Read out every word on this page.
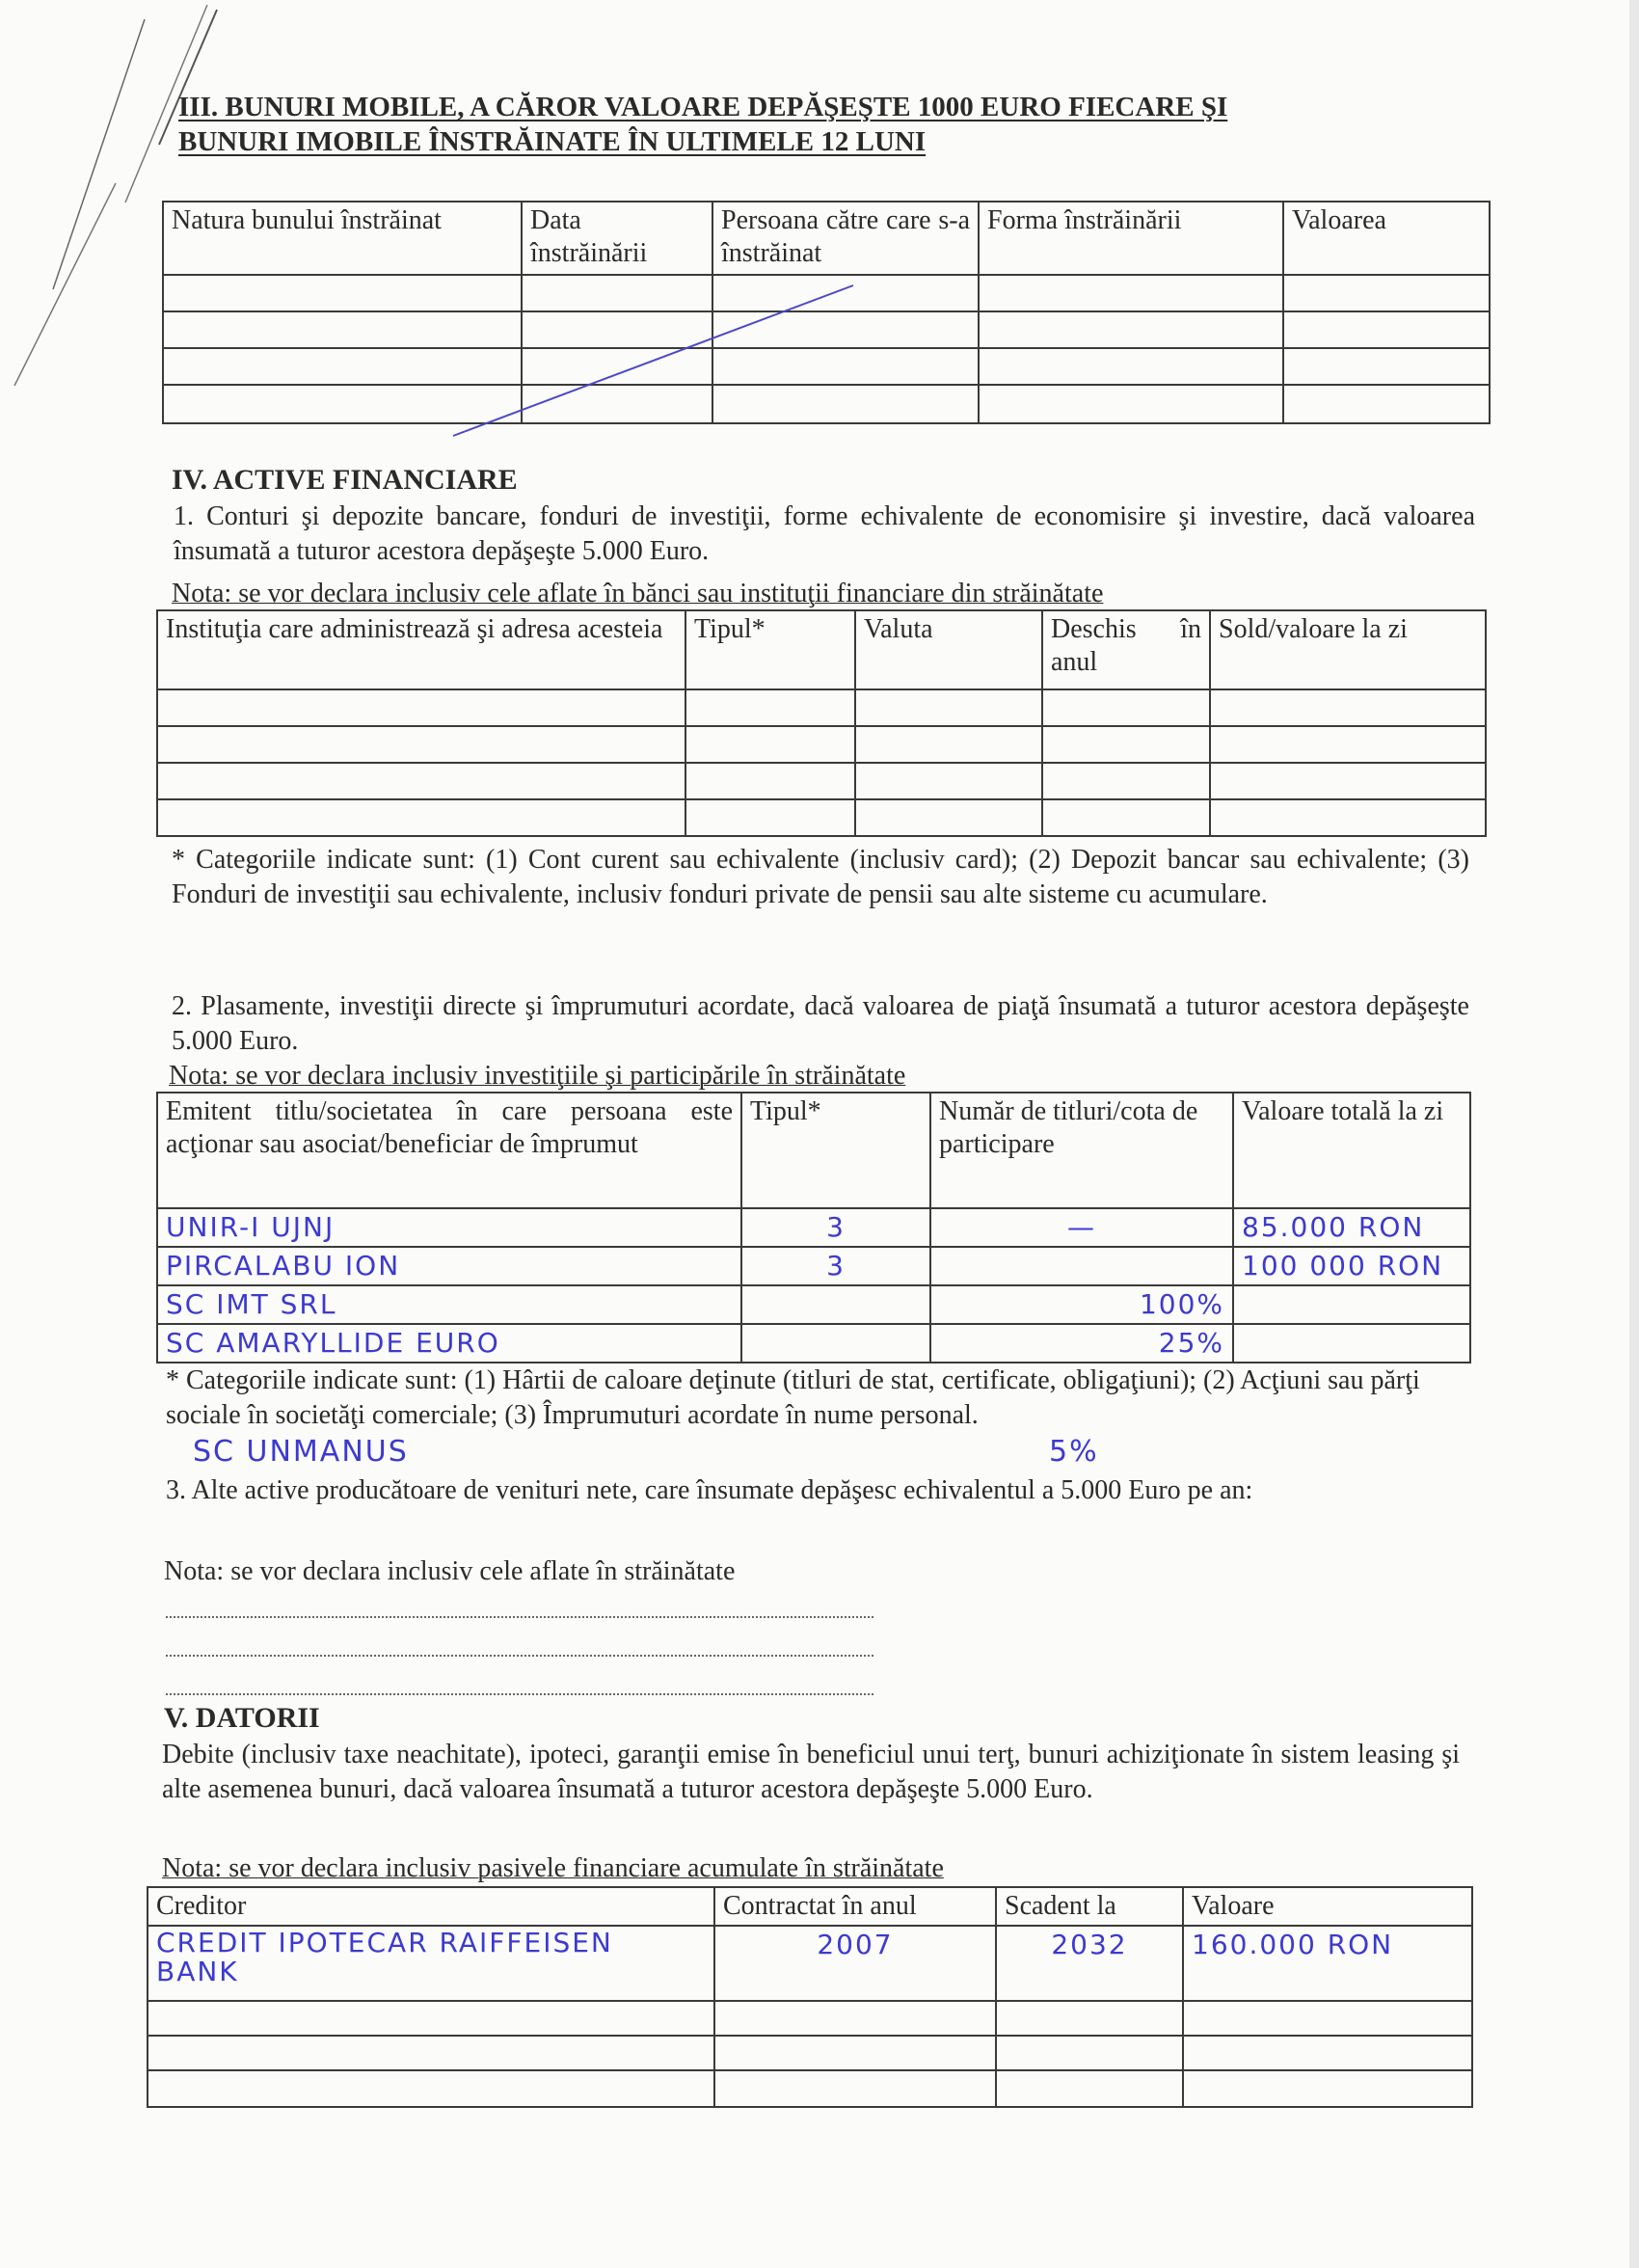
III. BUNURI MOBILE, A CĂROR VALOARE DEPĂŞEŞTE 1000 EURO FIECARE ŞI
BUNURI IMOBILE ÎNSTRĂINATE ÎN ULTIMELE 12 LUNI
Natura bunului înstrăinat	Data înstrăinării	Persoana către care s-a înstrăinat	Forma înstrăinării	Valoarea

IV. ACTIVE FINANCIARE
1. Conturi şi depozite bancare, fonduri de investiţii, forme echivalente de economisire şi investire, dacă valoarea însumată a tuturor acestora depăşeşte 5.000 Euro.
Nota: se vor declara inclusiv cele aflate în bănci sau instituţii financiare din străinătate
Instituţia care administrează şi adresa acesteia	Tipul*	Valuta	Deschis în anul	Sold/valoare la zi

* Categoriile indicate sunt: (1) Cont curent sau echivalente (inclusiv card); (2) Depozit bancar sau echivalente; (3) Fonduri de investiţii sau echivalente, inclusiv fonduri private de pensii sau alte sisteme cu acumulare.
2. Plasamente, investiţii directe şi împrumuturi acordate, dacă valoarea de piaţă însumată a tuturor acestora depăşeşte 5.000 Euro.
Nota: se vor declara inclusiv investiţiile şi participările în străinătate
Emitent titlu/societatea în care persoana este acţionar sau asociat/beneficiar de împrumut	Tipul*	Număr de titluri/cota de participare	Valoare totală la zi
UNIR-I UJNJ	3	—	85.000 RON
PIRCALABU ION	3		100 000 RON
SC IMT SRL		100%	
SC AMARYLLIDE EURO		25%	
* Categoriile indicate sunt: (1) Hârtii de caloare deţinute (titluri de stat, certificate, obligaţiuni); (2) Acţiuni sau părţi sociale în societăţi comerciale; (3) Împrumuturi acordate în nume personal.
SC UNMANUS	5%
3. Alte active producătoare de venituri nete, care însumate depăşesc echivalentul a 5.000 Euro pe an:
Nota: se vor declara inclusiv cele aflate în străinătate
V. DATORII
Debite (inclusiv taxe neachitate), ipoteci, garanţii emise în beneficiul unui terţ, bunuri achiziţionate în sistem leasing şi alte asemenea bunuri, dacă valoarea însumată a tuturor acestora depăşeşte 5.000 Euro.
Nota: se vor declara inclusiv pasivele financiare acumulate în străinătate
Creditor	Contractat în anul	Scadent la	Valoare
CREDIT IPOTECAR RAIFFEISEN BANK	2007	2032	160.000 RON
